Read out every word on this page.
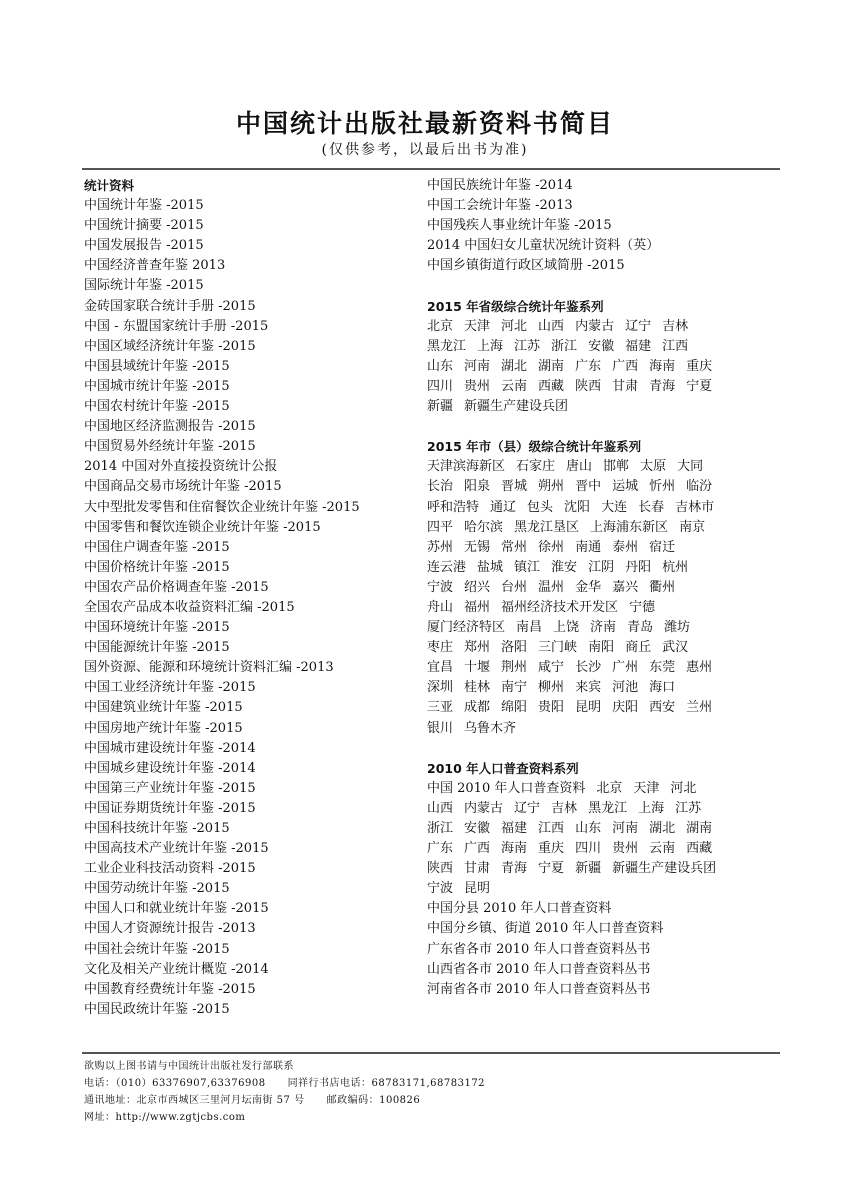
中国统计出版社最新资料书简目
(仅供参考，以最后出书为准)
统计资料
中国统计年鉴 -2015
中国统计摘要 -2015
中国发展报告 -2015
中国经济普查年鉴 2013
国际统计年鉴 -2015
金砖国家联合统计手册 -2015
中国 - 东盟国家统计手册 -2015
中国区域经济统计年鉴 -2015
中国县域统计年鉴 -2015
中国城市统计年鉴 -2015
中国农村统计年鉴 -2015
中国地区经济监测报告 -2015
中国贸易外经统计年鉴 -2015
2014 中国对外直接投资统计公报
中国商品交易市场统计年鉴 -2015
大中型批发零售和住宿餐饮企业统计年鉴 -2015
中国零售和餐饮连锁企业统计年鉴 -2015
中国住户调查年鉴 -2015
中国价格统计年鉴 -2015
中国农产品价格调查年鉴 -2015
全国农产品成本收益资料汇编 -2015
中国环境统计年鉴 -2015
中国能源统计年鉴 -2015
国外资源、能源和环境统计资料汇编 -2013
中国工业经济统计年鉴 -2015
中国建筑业统计年鉴 -2015
中国房地产统计年鉴 -2015
中国城市建设统计年鉴 -2014
中国城乡建设统计年鉴 -2014
中国第三产业统计年鉴 -2015
中国证券期货统计年鉴 -2015
中国科技统计年鉴 -2015
中国高技术产业统计年鉴 -2015
工业企业科技活动资料 -2015
中国劳动统计年鉴 -2015
中国人口和就业统计年鉴 -2015
中国人才资源统计报告 -2013
中国社会统计年鉴 -2015
文化及相关产业统计概览 -2014
中国教育经费统计年鉴 -2015
中国民政统计年鉴 -2015
中国民族统计年鉴 -2014
中国工会统计年鉴 -2013
中国残疾人事业统计年鉴 -2015
2014 中国妇女儿童状况统计资料（英）
中国乡镇街道行政区域简册 -2015
2015 年省级综合统计年鉴系列
北京 天津 河北 山西 内蒙古 辽宁 吉林
黑龙江 上海 江苏 浙江 安徽 福建 江西
山东 河南 湖北 湖南 广东 广西 海南 重庆
四川 贵州 云南 西藏 陕西 甘肃 青海 宁夏
新疆 新疆生产建设兵团
2015 年市（县）级综合统计年鉴系列
天津滨海新区 石家庄 唐山 邯郸 太原 大同
长治 阳泉 晋城 朔州 晋中 运城 忻州 临汾
呼和浩特 通辽 包头 沈阳 大连 长春 吉林市
四平 哈尔滨 黑龙江垦区 上海浦东新区 南京
苏州 无锡 常州 徐州 南通 泰州 宿迁
连云港 盐城 镇江 淮安 江阴 丹阳 杭州
宁波 绍兴 台州 温州 金华 嘉兴 衢州
舟山 福州 福州经济技术开发区 宁德
厦门经济特区 南昌 上饶 济南 青岛 潍坊
枣庄 郑州 洛阳 三门峡 南阳 商丘 武汉
宜昌 十堰 荆州 咸宁 长沙 广州 东莞 惠州
深圳 桂林 南宁 柳州 来宾 河池 海口
三亚 成都 绵阳 贵阳 昆明 庆阳 西安 兰州
银川 乌鲁木齐
2010 年人口普查资料系列
中国 2010 年人口普查资料 北京 天津 河北
山西 内蒙古 辽宁 吉林 黑龙江 上海 江苏
浙江 安徽 福建 江西 山东 河南 湖北 湖南
广东 广西 海南 重庆 四川 贵州 云南 西藏
陕西 甘肃 青海 宁夏 新疆 新疆生产建设兵团
宁波 昆明
中国分县 2010 年人口普查资料
中国分乡镇、街道 2010 年人口普查资料
广东省各市 2010 年人口普查资料丛书
山西省各市 2010 年人口普查资料丛书
河南省各市 2010 年人口普查资料丛书
欲购以上图书请与中国统计出版社发行部联系
电话：（010）63376907,63376908 同祥行书店电话：68783171,68783172
通讯地址：北京市西城区三里河月坛南街 57 号 邮政编码：100826
网址：http://www.zgtjcbs.com
